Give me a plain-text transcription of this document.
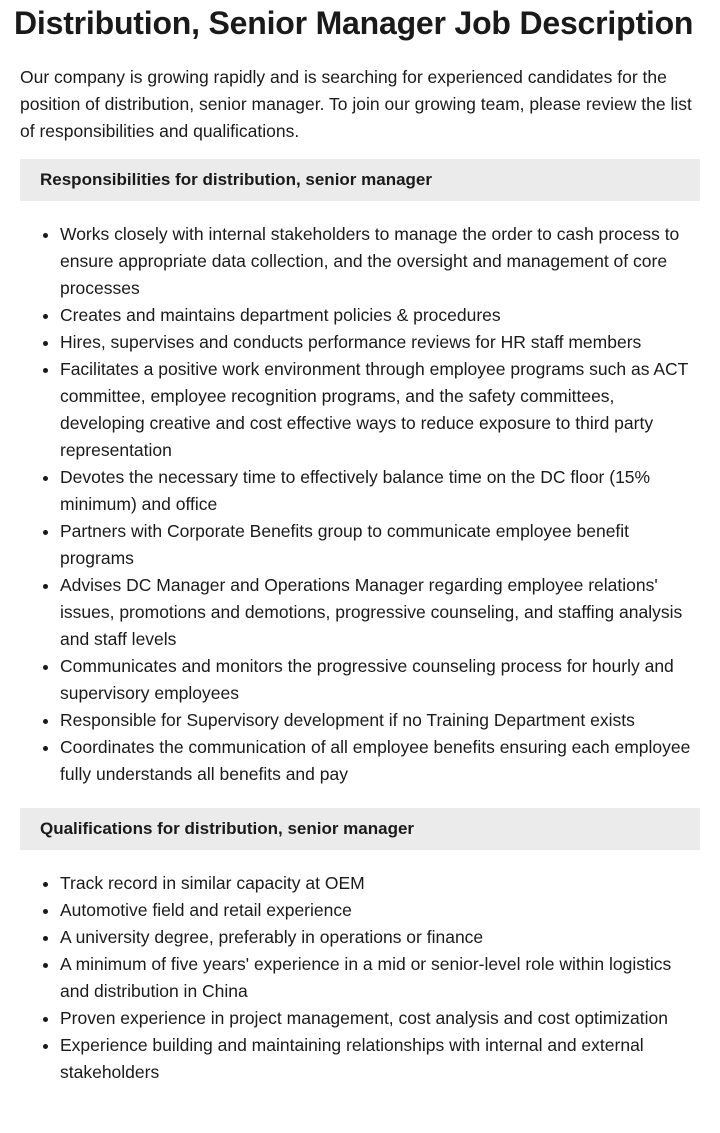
Distribution, Senior Manager Job Description

Our company is growing rapidly and is searching for experienced candidates for the position of distribution, senior manager. To join our growing team, please review the list of responsibilities and qualifications.

Responsibilities for distribution, senior manager
• Works closely with internal stakeholders to manage the order to cash process to ensure appropriate data collection, and the oversight and management of core processes
• Creates and maintains department policies & procedures
• Hires, supervises and conducts performance reviews for HR staff members
• Facilitates a positive work environment through employee programs such as ACT committee, employee recognition programs, and the safety committees, developing creative and cost effective ways to reduce exposure to third party representation
• Devotes the necessary time to effectively balance time on the DC floor (15% minimum) and office
• Partners with Corporate Benefits group to communicate employee benefit programs
• Advises DC Manager and Operations Manager regarding employee relations' issues, promotions and demotions, progressive counseling, and staffing analysis and staff levels
• Communicates and monitors the progressive counseling process for hourly and supervisory employees
• Responsible for Supervisory development if no Training Department exists
• Coordinates the communication of all employee benefits ensuring each employee fully understands all benefits and pay
Qualifications for distribution, senior manager
• Track record in similar capacity at OEM
• Automotive field and retail experience
• A university degree, preferably in operations or finance
• A minimum of five years' experience in a mid or senior-level role within logistics and distribution in China
• Proven experience in project management, cost analysis and cost optimization
• Experience building and maintaining relationships with internal and external stakeholders
